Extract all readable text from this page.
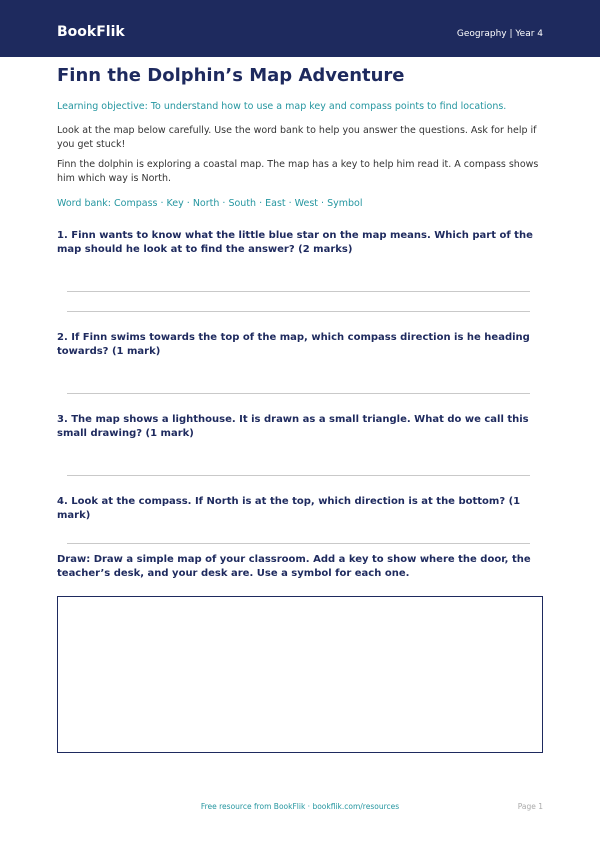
BookFlik	Geography | Year 4
Finn the Dolphin’s Map Adventure
Learning objective: To understand how to use a map key and compass points to find locations.
Look at the map below carefully. Use the word bank to help you answer the questions. Ask for help if you get stuck!
Finn the dolphin is exploring a coastal map. The map has a key to help him read it. A compass shows him which way is North.
Word bank: Compass · Key · North · South · East · West · Symbol
1. Finn wants to know what the little blue star on the map means. Which part of the map should he look at to find the answer? (2 marks)
2. If Finn swims towards the top of the map, which compass direction is he heading towards? (1 mark)
3. The map shows a lighthouse. It is drawn as a small triangle. What do we call this small drawing? (1 mark)
4. Look at the compass. If North is at the top, which direction is at the bottom? (1 mark)
Draw: Draw a simple map of your classroom. Add a key to show where the door, the teacher’s desk, and your desk are. Use a symbol for each one.
Free resource from BookFlik · bookflik.com/resources	Page 1
